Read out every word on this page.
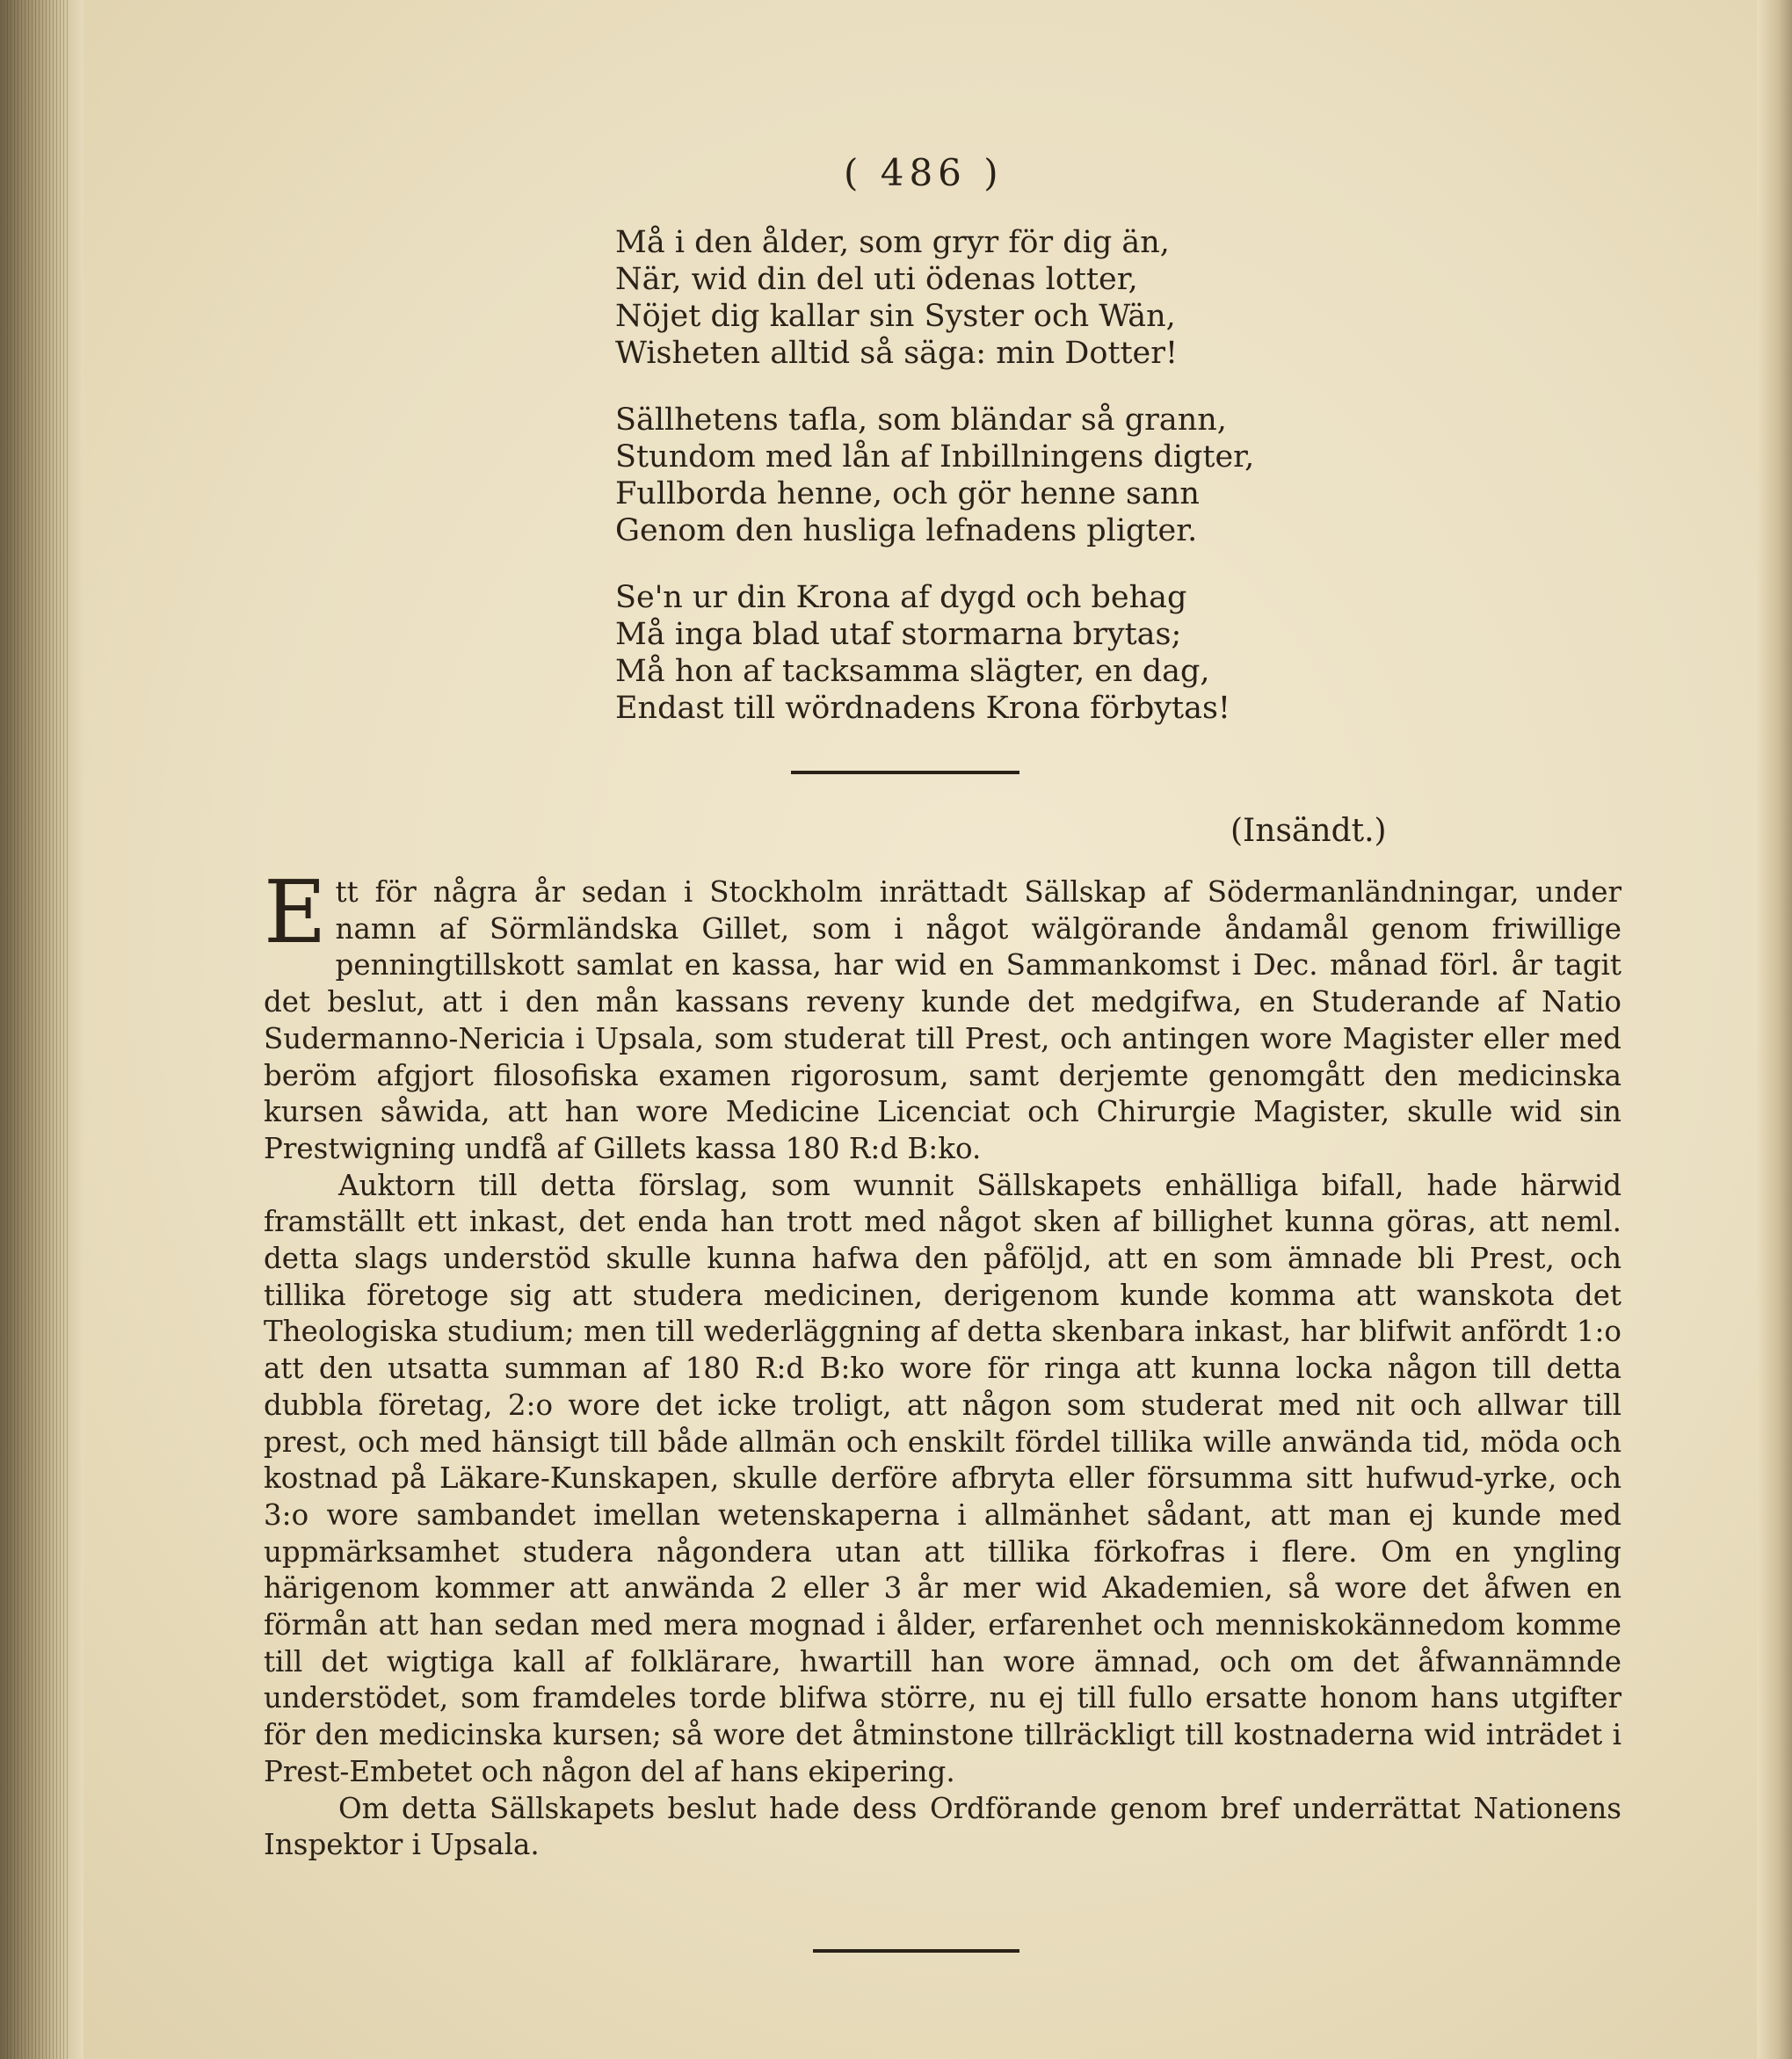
( 486 )
Må i den ålder, som gryr för dig än,
När, wid din del uti ödenas lotter,
Nöjet dig kallar sin Syster och Wän,
Wisheten alltid så säga: min Dotter!
Sällhetens tafla, som bländar så grann,
Stundom med lån af Inbillningens digter,
Fullborda henne, och gör henne sann
Genom den husliga lefnadens pligter.
Se'n ur din Krona af dygd och behag
Må inga blad utaf stormarna brytas;
Må hon af tacksamma slägter, en dag,
Endast till wördnadens Krona förbytas!
(Insändt.)

Ett för några år sedan i Stockholm inrättadt Sällskap af Södermanländningar, under namn af Sörmländska Gillet, som i något wälgörande åndamål genom friwillige penningtillskott samlat en kassa, har wid en Sammankomst i Dec. månad förl. år tagit det beslut, att i den mån kassans reveny kunde det medgifwa, en Studerande af Natio Sudermanno-Nericia i Upsala, som studerat till Prest, och antingen wore Magister eller med beröm afgjort filosofiska examen rigorosum, samt derjemte genomgått den medicinska kursen såwida, att han wore Medicine Licenciat och Chirurgie Magister, skulle wid sin Prestwigning undfå af Gillets kassa 180 R:d B:ko.

Auktorn till detta förslag, som wunnit Sällskapets enhälliga bifall, hade härwid framställt ett inkast, det enda han trott med något sken af billighet kunna göras, att neml. detta slags understöd skulle kunna hafwa den påföljd, att en som ämnade bli Prest, och tillika företoge sig att studera medicinen, derigenom kunde komma att wanskota det Theologiska studium; men till wederläggning af detta skenbara inkast, har blifwit anfördt 1:o att den utsatta summan af 180 R:d B:ko wore för ringa att kunna locka någon till detta dubbla företag, 2:o wore det icke troligt, att någon som studerat med nit och allwar till prest, och med hänsigt till både allmän och enskilt fördel tillika wille anwända tid, möda och kostnad på Läkare-Kunskapen, skulle derföre afbryta eller försumma sitt hufwud-yrke, och 3:o wore sambandet imellan wetenskaperna i allmänhet sådant, att man ej kunde med uppmärksamhet studera någondera utan att tillika förkofras i flere. Om en yngling härigenom kommer att anwända 2 eller 3 år mer wid Akademien, så wore det åfwen en förmån att han sedan med mera mognad i ålder, erfarenhet och menniskokännedom komme till det wigtiga kall af folklärare, hwartill han wore ämnad, och om det åfwannämnde understödet, som framdeles torde blifwa större, nu ej till fullo ersatte honom hans utgifter för den medicinska kursen; så wore det åtminstone tillräckligt till kostnaderna wid inträdet i Prest-Embetet och någon del af hans ekipering.

Om detta Sällskapets beslut hade dess Ordförande genom bref underrättat Nationens Inspektor i Upsala.
